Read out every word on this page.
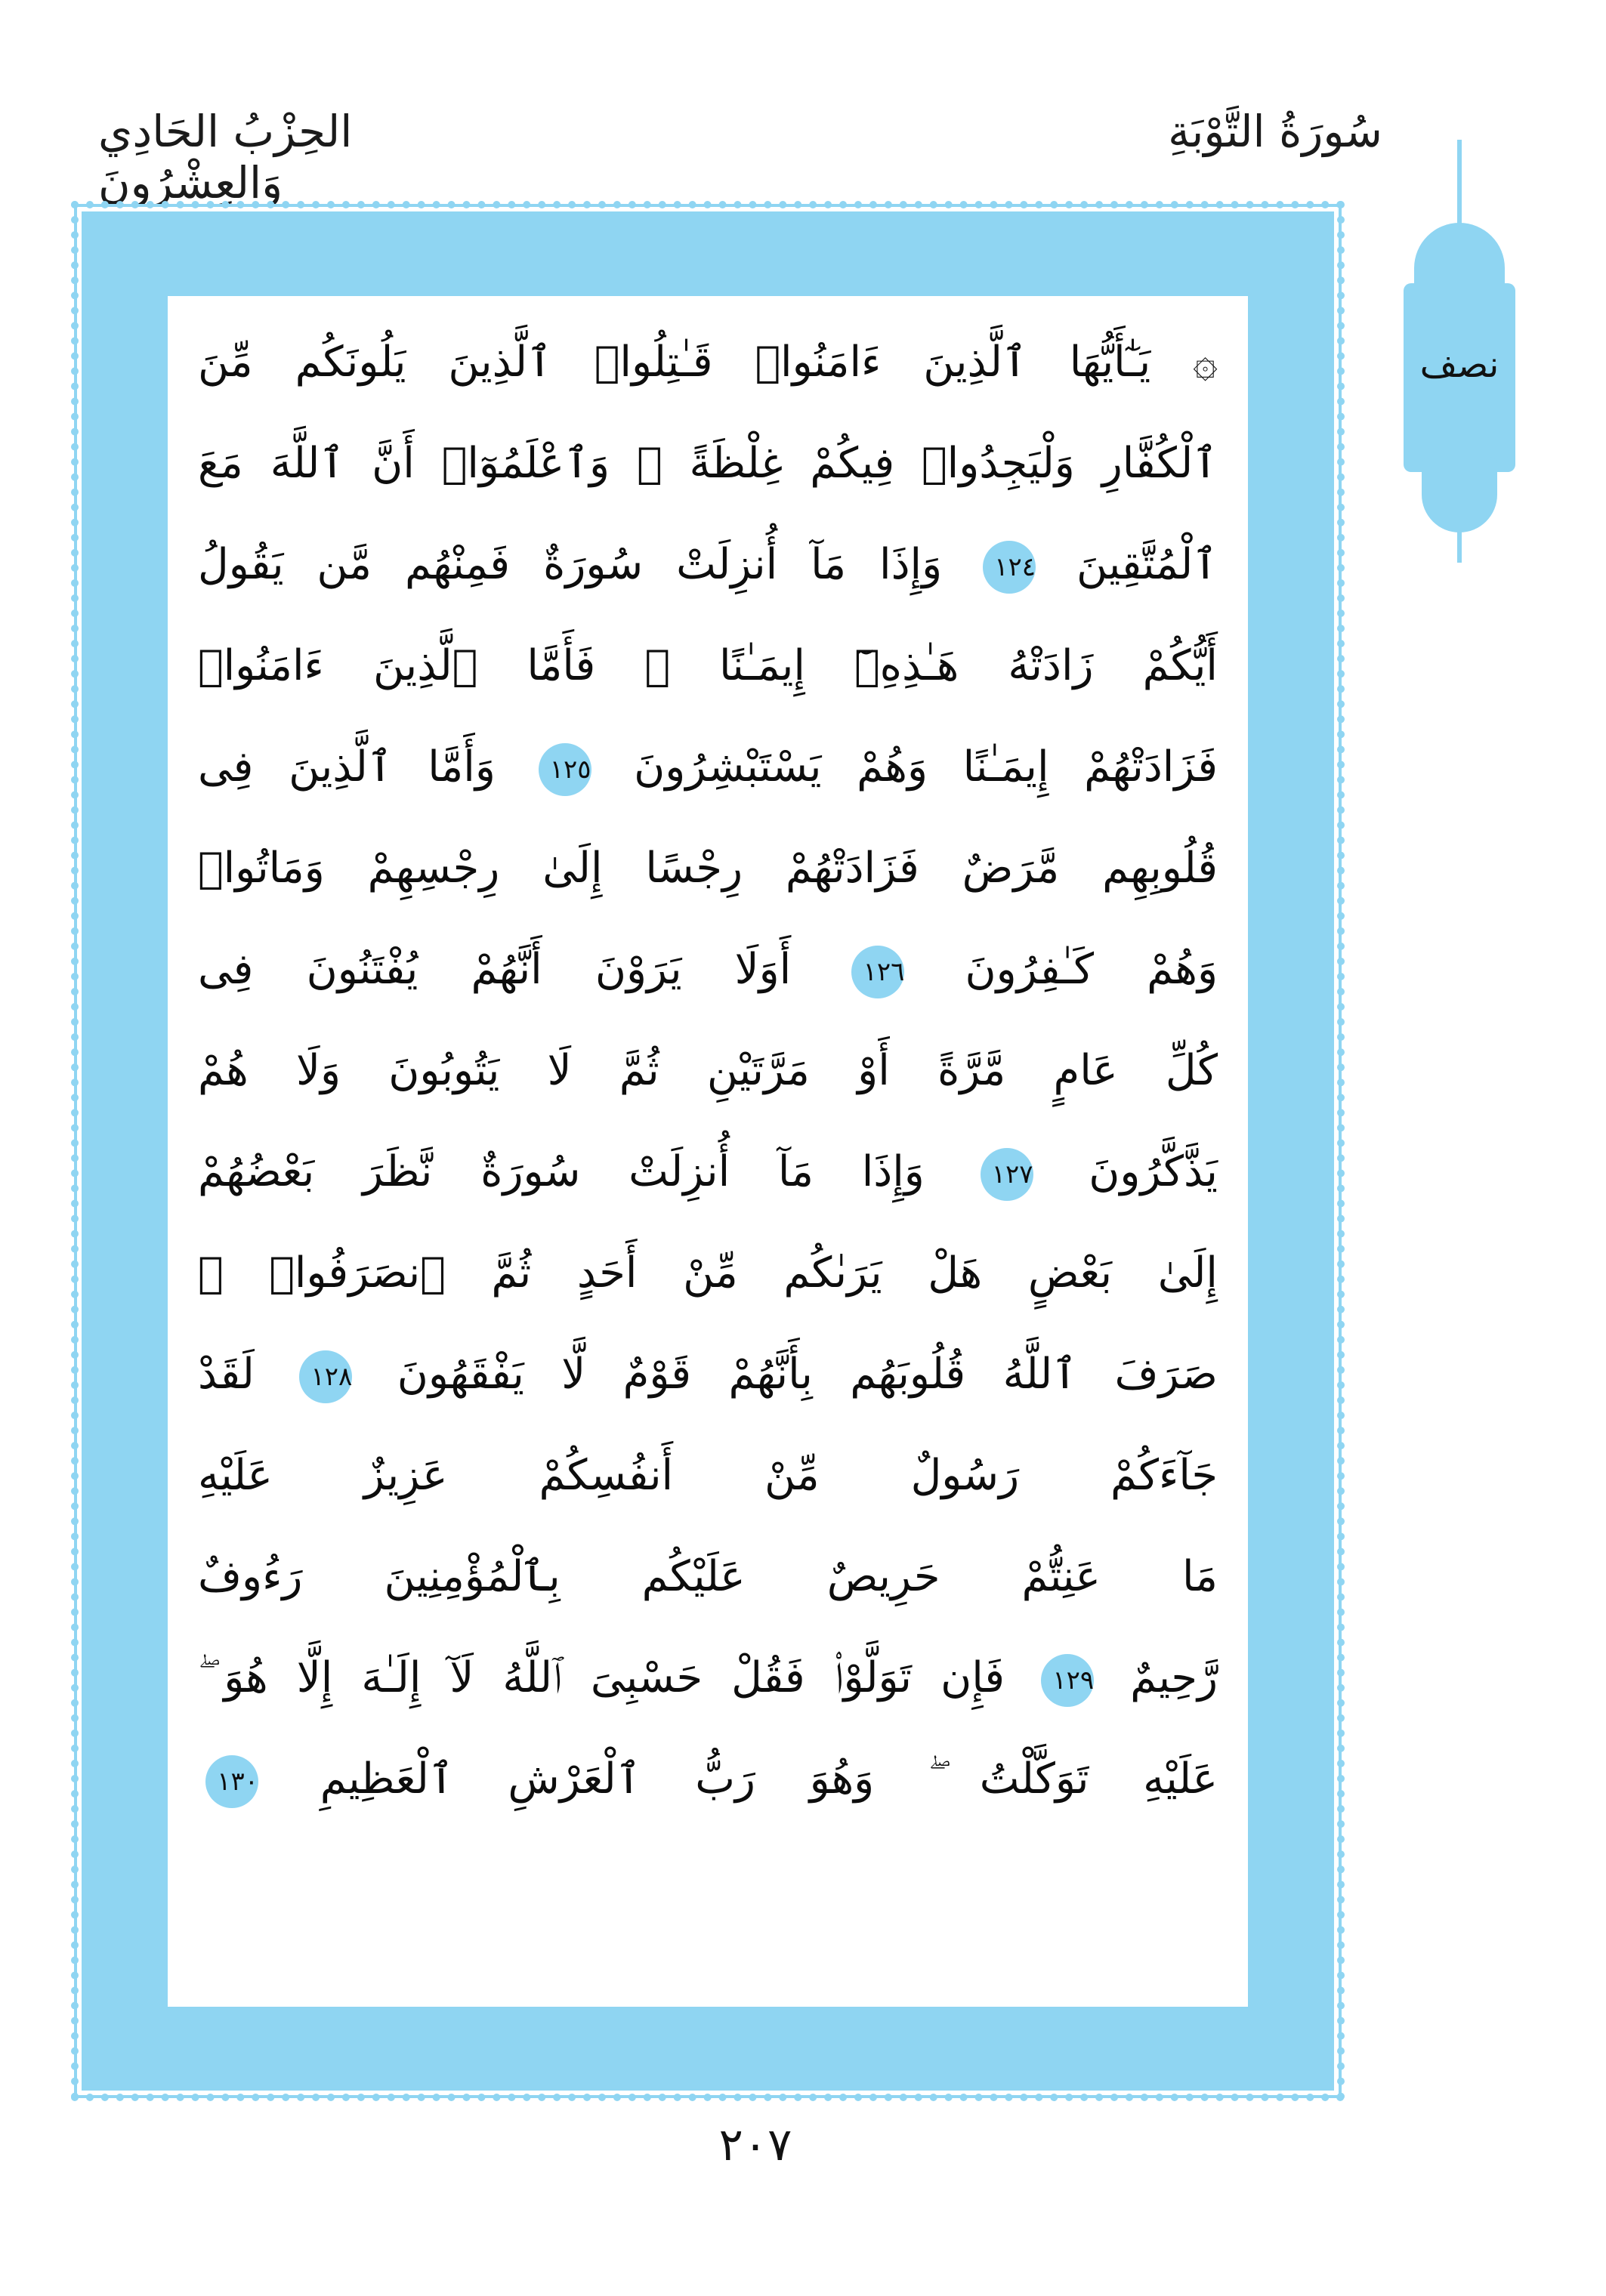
سُورَةُ التَّوْبَةِ
الحِزْبُ الحَادِي وَالعِشْرُونَ
نصف
۞ يَـٰٓأَيُّهَا ٱلَّذِينَ ءَامَنُوا۟ قَـٰتِلُوا۟ ٱلَّذِينَ يَلُونَكُم مِّنَ
ٱلْكُفَّارِ وَلْيَجِدُوا۟ فِيكُمْ غِلْظَةً ۚ وَٱعْلَمُوٓا۟ أَنَّ ٱللَّهَ مَعَ
ٱلْمُتَّقِينَ ١٢٤ وَإِذَا مَآ أُنزِلَتْ سُورَةٌ فَمِنْهُم مَّن يَقُولُ
أَيُّكُمْ زَادَتْهُ هَـٰذِهِۦٓ إِيمَـٰنًا ۚ فَأَمَّا ٱلَّذِينَ ءَامَنُوا۟
فَزَادَتْهُمْ إِيمَـٰنًا وَهُمْ يَسْتَبْشِرُونَ ١٢٥ وَأَمَّا ٱلَّذِينَ فِى
قُلُوبِهِم مَّرَضٌ فَزَادَتْهُمْ رِجْسًا إِلَىٰ رِجْسِهِمْ وَمَاتُوا۟
وَهُمْ كَـٰفِرُونَ ١٢٦ أَوَلَا يَرَوْنَ أَنَّهُمْ يُفْتَنُونَ فِى
كُلِّ عَامٍ مَّرَّةً أَوْ مَرَّتَيْنِ ثُمَّ لَا يَتُوبُونَ وَلَا هُمْ
يَذَّكَّرُونَ ١٢٧ وَإِذَا مَآ أُنزِلَتْ سُورَةٌ نَّظَرَ بَعْضُهُمْ
إِلَىٰ بَعْضٍ هَلْ يَرَىٰكُم مِّنْ أَحَدٍ ثُمَّ ٱنصَرَفُوا۟ ۚ
صَرَفَ ٱللَّهُ قُلُوبَهُم بِأَنَّهُمْ قَوْمٌ لَّا يَفْقَهُونَ ١٢٨ لَقَدْ
جَآءَكُمْ رَسُولٌ مِّنْ أَنفُسِكُمْ عَزِيزٌ عَلَيْهِ
مَا عَنِتُّمْ حَرِيصٌ عَلَيْكُم بِٱلْمُؤْمِنِينَ رَءُوفٌ
رَّحِيمٌ ١٢٩ فَإِن تَوَلَّوْا۟ فَقُلْ حَسْبِىَ ٱللَّهُ لَآ إِلَـٰهَ إِلَّا هُوَ ۖ
عَلَيْهِ تَوَكَّلْتُ ۖ وَهُوَ رَبُّ ٱلْعَرْشِ ٱلْعَظِيمِ ١٣٠
٢٠٧
